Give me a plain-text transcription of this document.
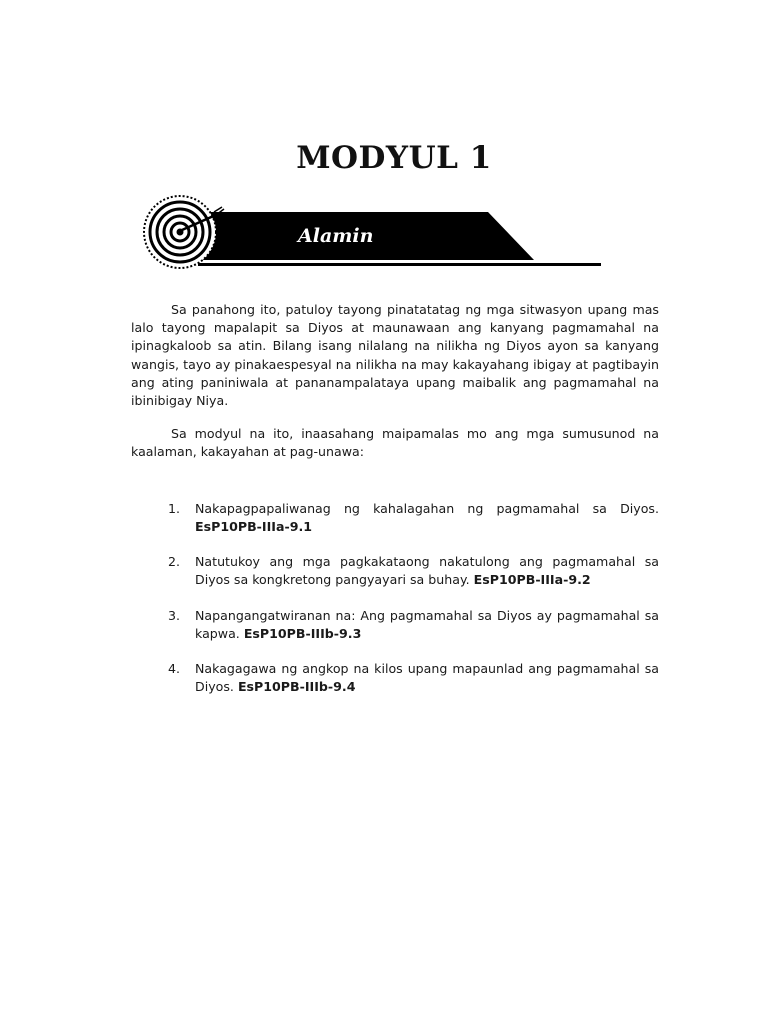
MODYUL 1
Alamin

Sa panahong ito, patuloy tayong pinatatatag ng mga sitwasyon upang mas lalo tayong mapalapit sa Diyos at maunawaan ang kanyang pagmamahal na ipinagkaloob sa atin. Bilang isang nilalang na nilikha ng Diyos ayon sa kanyang wangis, tayo ay pinakaespesyal na nilikha na may kakayahang ibigay at pagtibayin ang ating paniniwala at pananampalataya upang maibalik ang pagmamahal na ibinibigay Niya.

Sa modyul na ito, inaasahang maipamalas mo ang mga sumusunod na kaalaman, kakayahan at pag-unawa:

1. Nakapagpapaliwanag ng kahalagahan ng pagmamahal sa Diyos. EsP10PB-IIIa-9.1
2. Natutukoy ang mga pagkakataong nakatulong ang pagmamahal sa Diyos sa kongkretong pangyayari sa buhay. EsP10PB-IIIa-9.2
3. Napangangatwiranan na: Ang pagmamahal sa Diyos ay pagmamahal sa kapwa. EsP10PB-IIIb-9.3
4. Nakagagawa ng angkop na kilos upang mapaunlad ang pagmamahal sa Diyos. EsP10PB-IIIb-9.4
